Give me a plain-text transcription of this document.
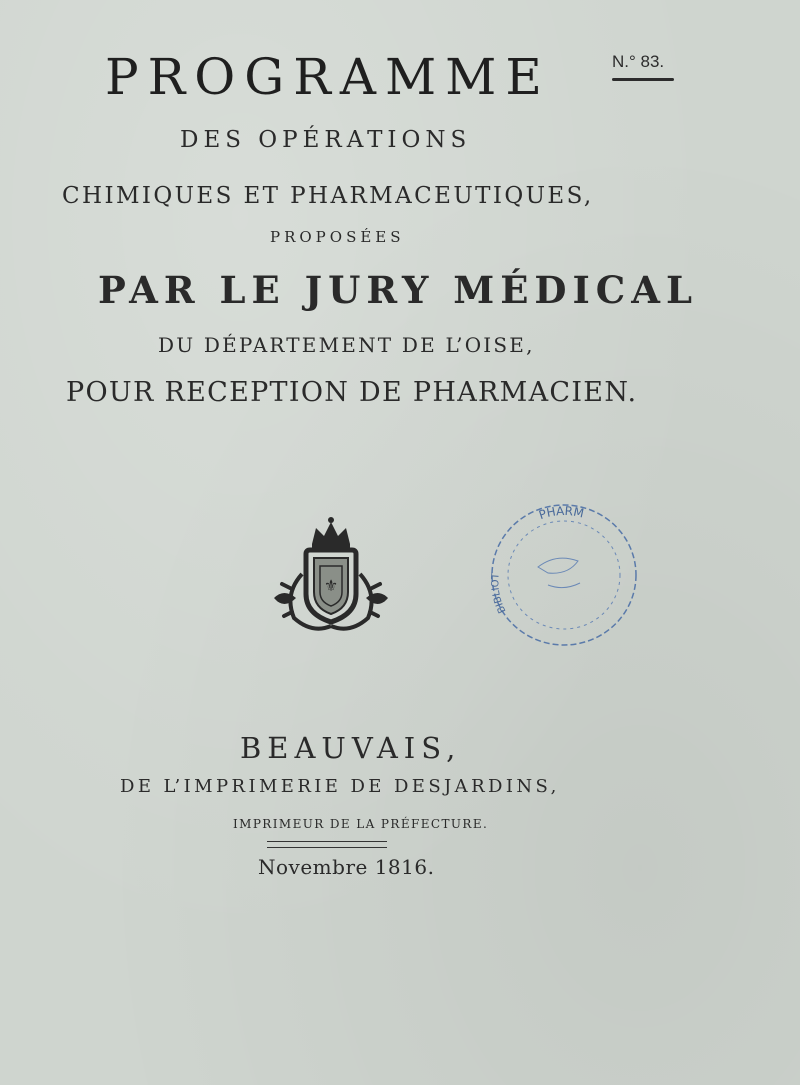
PROGRAMME	N.° 83.
DES OPÉRATIONS
CHIMIQUES ET PHARMACEUTIQUES,
PROPOSÉES
PAR LE JURY MÉDICAL
DU DÉPARTEMENT DE L’OISE,
POUR RECEPTION DE PHARMACIEN.
⚜
PHARM
BIBLIOT
BEAUVAIS,
DE L’IMPRIMERIE DE DESJARDINS,
IMPRIMEUR DE LA PRÉFECTURE.
Novembre 1816.
